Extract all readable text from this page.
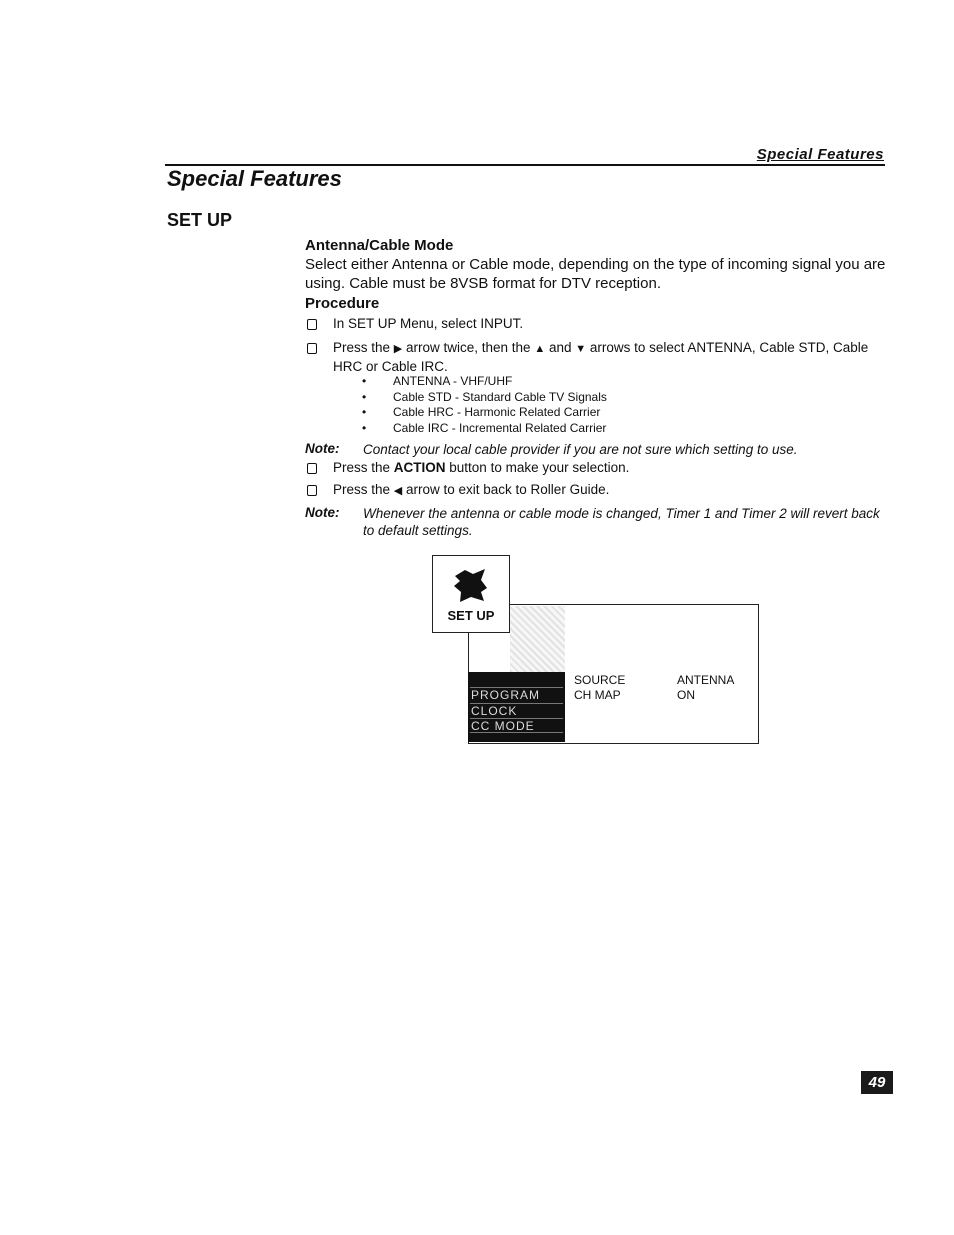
Special Features
Special Features
SET UP
Antenna/Cable Mode
Select either Antenna or Cable mode, depending on the type of incoming signal you are using. Cable must be 8VSB format for DTV reception.
Procedure
In SET UP Menu, select INPUT.
Press the ▶ arrow twice, then the ▲ and ▼ arrows to select ANTENNA, Cable STD, Cable HRC or Cable IRC.
• ANTENNA - VHF/UHF
• Cable STD - Standard Cable TV Signals
• Cable HRC - Harmonic Related Carrier
• Cable IRC - Incremental Related Carrier
Note: Contact your local cable provider if you are not sure which setting to use.
Press the ACTION button to make your selection.
Press the ◀ arrow to exit back to Roller Guide.
Note: Whenever the antenna or cable mode is changed, Timer 1 and Timer 2 will revert back to default settings.
PROGRAM
CLOCK
CC MODE
SET UP
SOURCE	ANTENNA
CH MAP	ON
49
